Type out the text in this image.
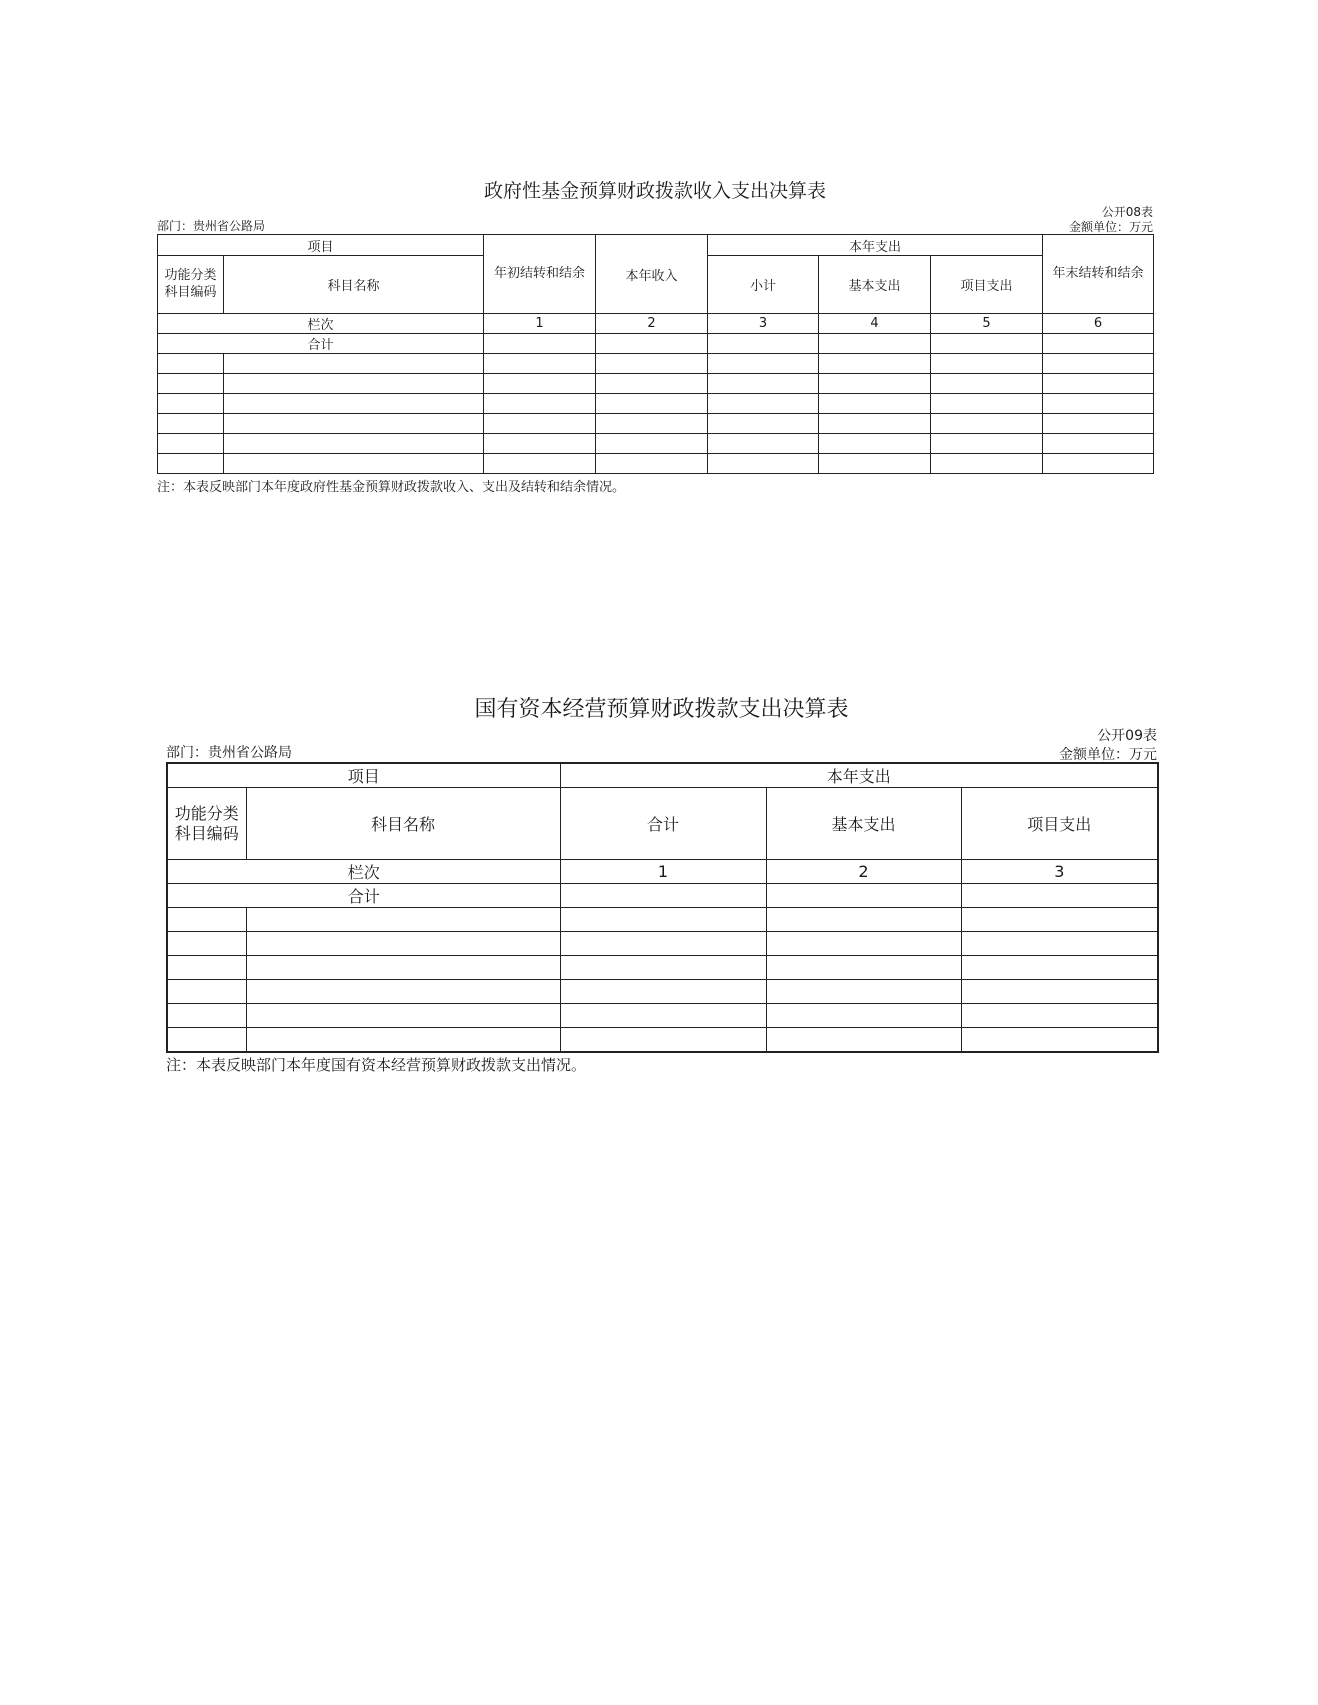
政府性基金预算财政拨款收入支出决算表
公开08表
部门：贵州省公路局	金额单位：万元
项目		年初结转和结余	本年收入	本年支出			年末结转和结余
功能分类科目编码	科目名称			小计	基本支出	项目支出	
栏次		1	2	3	4	5	6
合计							

注：本表反映部门本年度政府性基金预算财政拨款收入、支出及结转和结余情况。
国有资本经营预算财政拨款支出决算表
公开09表
部门：贵州省公路局	金额单位：万元
项目		本年支出		
功能分类科目编码	科目名称	合计	基本支出	项目支出
栏次		1	2	3
合计				

注：本表反映部门本年度国有资本经营预算财政拨款支出情况。
